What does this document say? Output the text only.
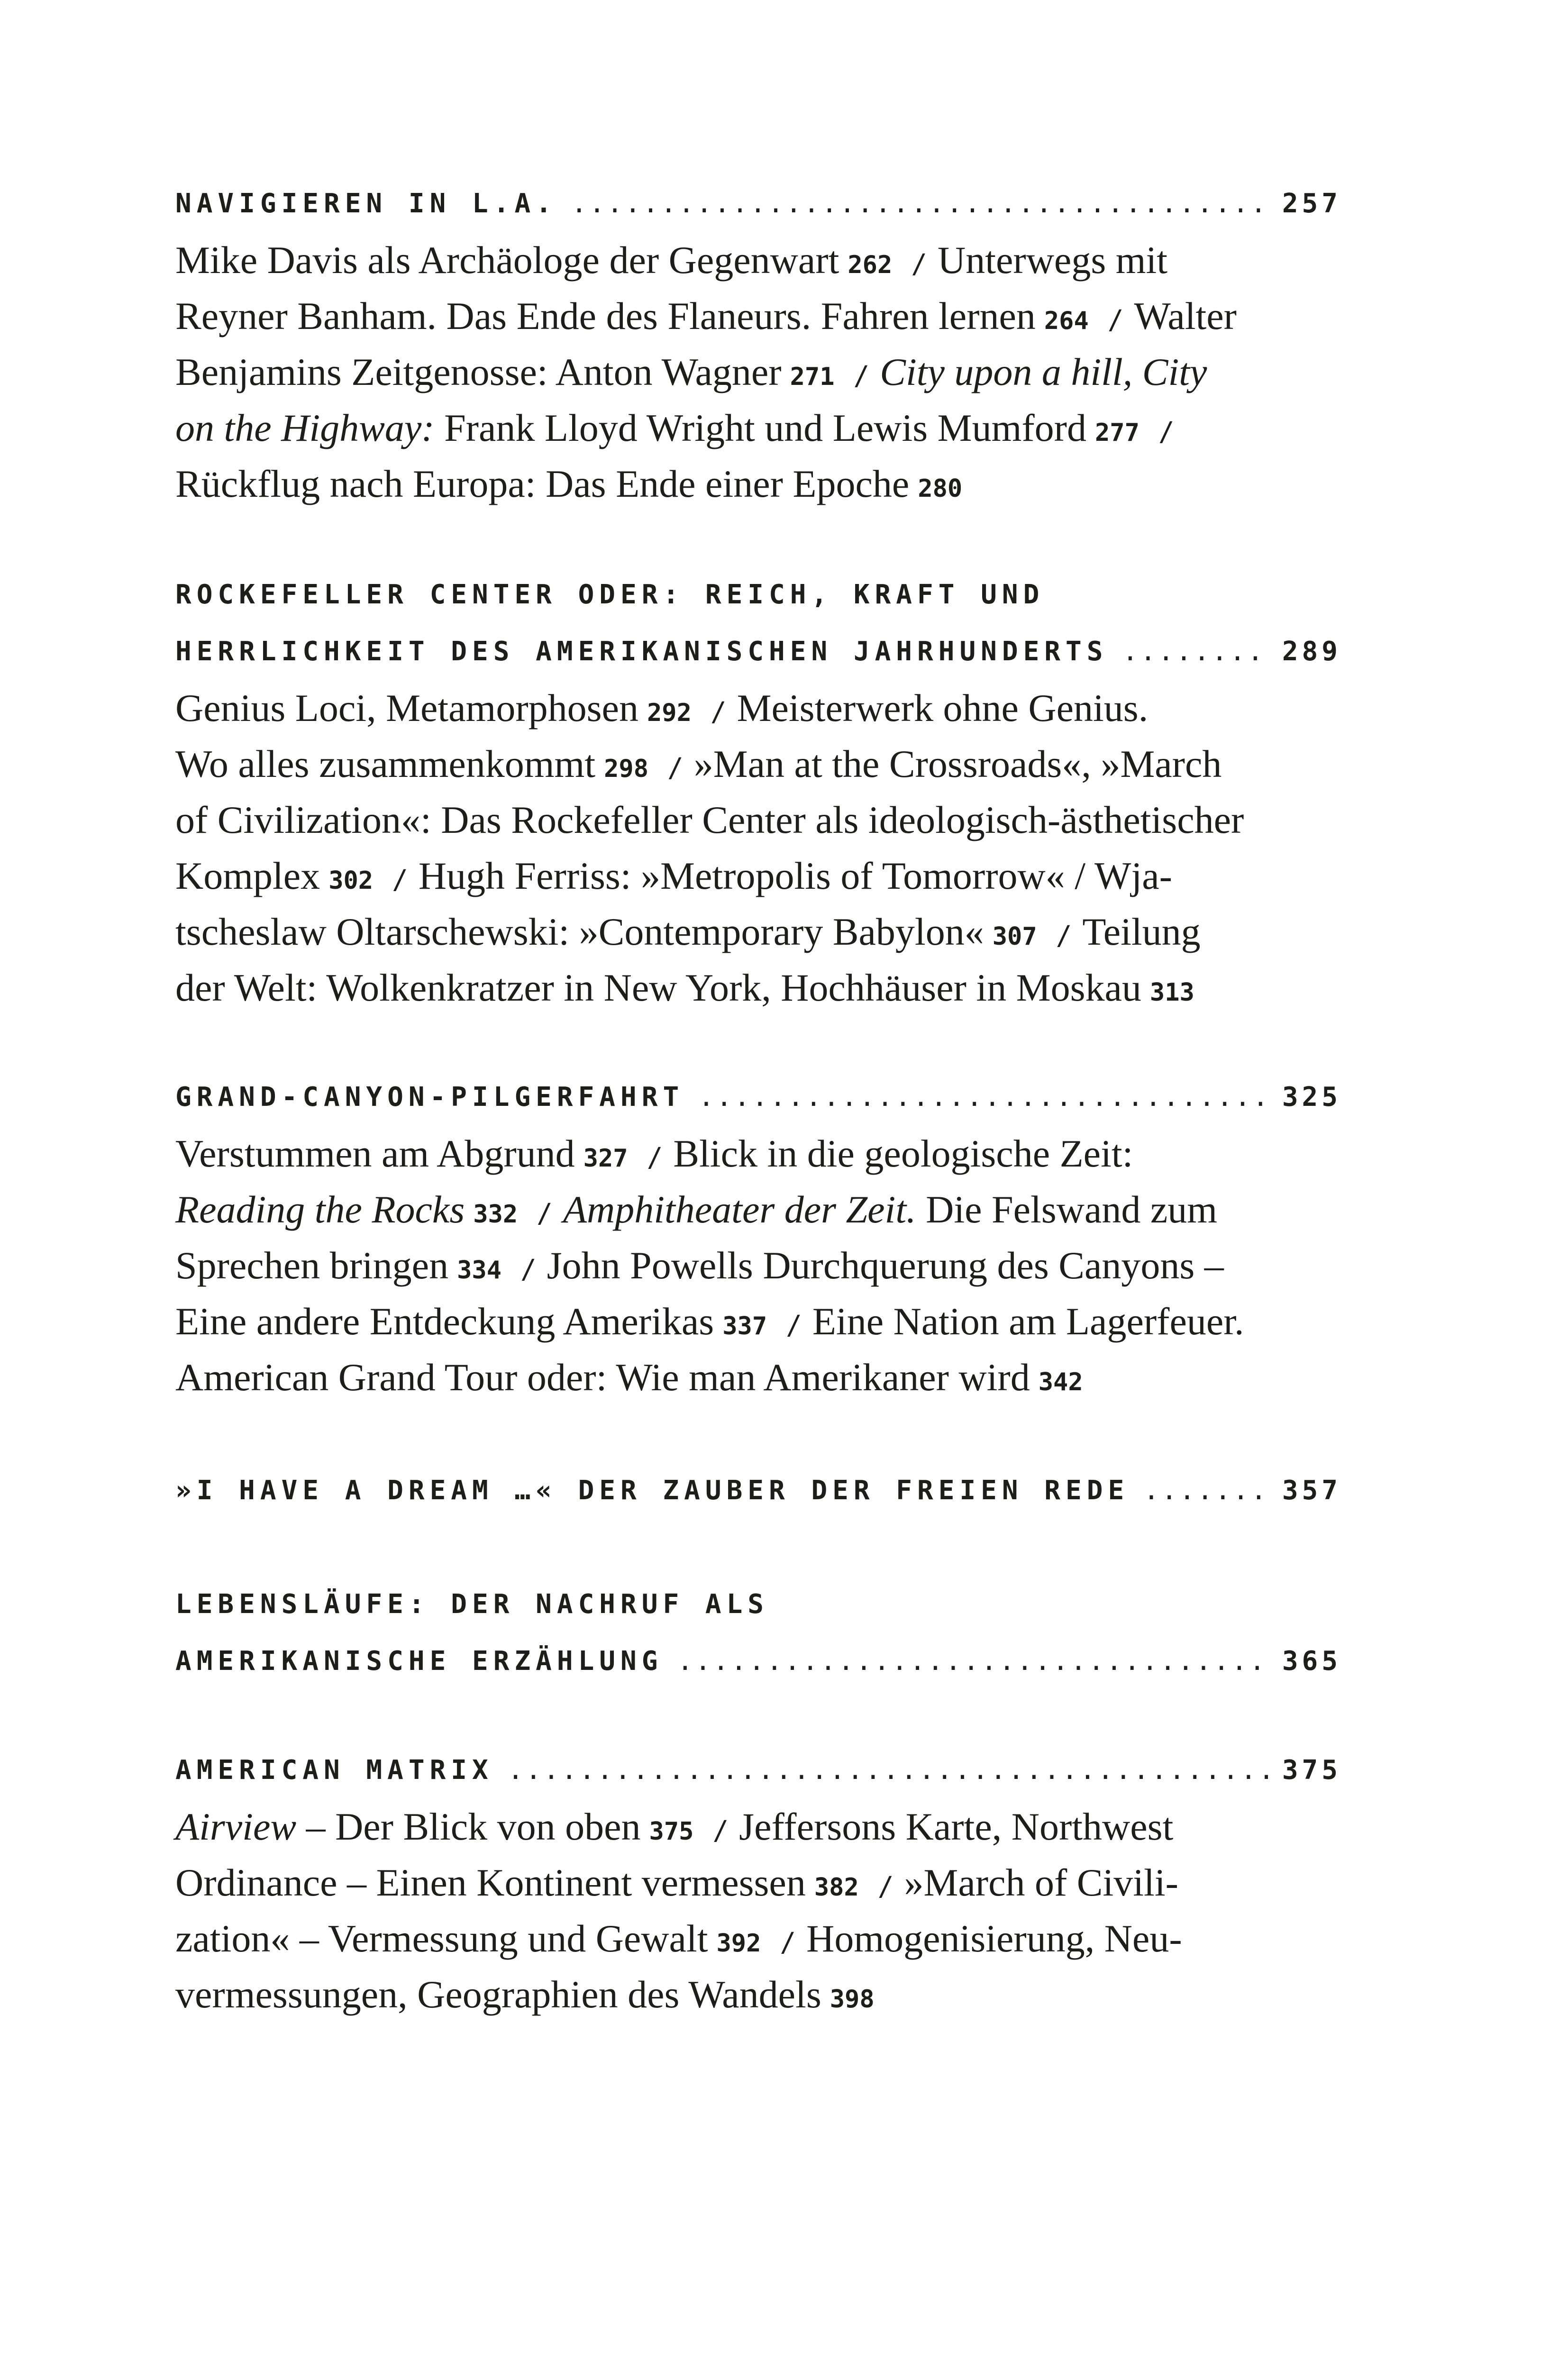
NAVIGIEREN IN L.A. .....	257
Mike Davis als Archäologe der Gegenwart 262 / Unterwegs mit
Reyner Banham. Das Ende des Flaneurs. Fahren lernen 264 / Walter
Benjamins Zeitgenosse: Anton Wagner 271 / City upon a hill, City
on the Highway: Frank Lloyd Wright und Lewis Mumford 277 /
Rückflug nach Europa: Das Ende einer Epoche 280
ROCKEFELLER CENTER ODER: REICH, KRAFT UND
HERRLICHKEIT DES AMERIKANISCHEN JAHRHUNDERTS .....	289
Genius Loci, Metamorphosen 292 / Meisterwerk ohne Genius.
Wo alles zusammenkommt 298 / »Man at the Crossroads«, »March
of Civilization«: Das Rockefeller Center als ideologisch-ästhetischer
Komplex 302 / Hugh Ferriss: »Metropolis of Tomorrow« / Wja-
tscheslaw Oltarschewski: »Contemporary Babylon« 307 / Teilung
der Welt: Wolkenkratzer in New York, Hochhäuser in Moskau 313
GRAND-CANYON-PILGERFAHRT .....	325
Verstummen am Abgrund 327 / Blick in die geologische Zeit:
Reading the Rocks 332 / Amphitheater der Zeit. Die Felswand zum
Sprechen bringen 334 / John Powells Durchquerung des Canyons –
Eine andere Entdeckung Amerikas 337 / Eine Nation am Lagerfeuer.
American Grand Tour oder: Wie man Amerikaner wird 342
»I HAVE A DREAM …« DER ZAUBER DER FREIEN REDE .....	357
LEBENSLÄUFE: DER NACHRUF ALS
AMERIKANISCHE ERZÄHLUNG .....	365
AMERICAN MATRIX .....	375
Airview – Der Blick von oben 375 / Jeffersons Karte, Northwest
Ordinance – Einen Kontinent vermessen 382 / »March of Civili-
zation« – Vermessung und Gewalt 392 / Homogenisierung, Neu-
vermessungen, Geographien des Wandels 398
